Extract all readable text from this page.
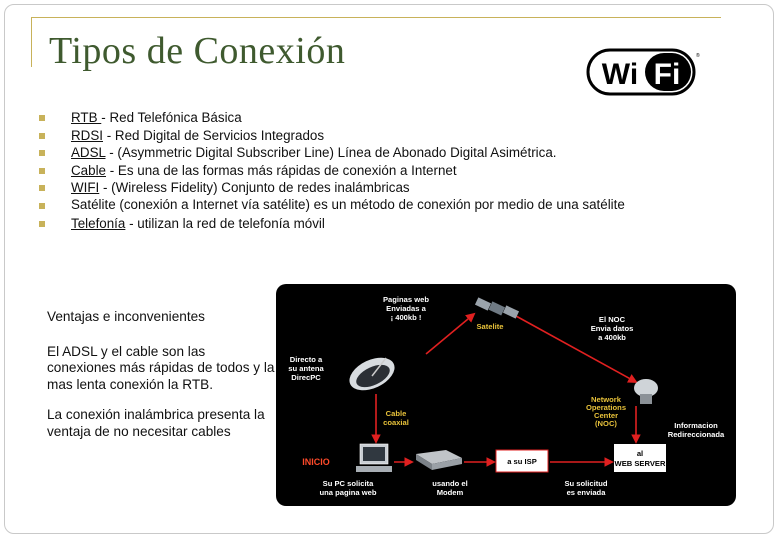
Tipos de Conexión
Wi Fi
®
RTB - Red Telefónica Básica
RDSI - Red Digital de Servicios Integrados
ADSL - (Asymmetric Digital Subscriber Line) Línea de Abonado Digital Asimétrica.
Cable - Es una de las formas más rápidas de conexión a Internet
WIFI - (Wireless Fidelity) Conjunto de redes inalámbricas
Satélite (conexión a Internet vía satélite) es un método de conexión por medio de una satélite
Telefonía - utilizan la red de telefonía móvil

Ventajas e inconvenientes

El ADSL y el cable son las conexiones más rápidas de todos y la mas lenta conexión la RTB.

La conexión inalámbrica presenta la ventaja de no necesitar cables

Paginas web
Enviadas a
¡ 400kb !
Satelite
El NOC
Envia datos
a 400kb
Directo a
su antena
DirecPC
Cable
coaxial
Network
Operations
Center
(NOC)	Informacion
Redireccionada
INICIO	a su ISP
al
WEB SERVER
Su PC solicita
una pagina web
usando el
Modem
Su solicitud
es enviada
